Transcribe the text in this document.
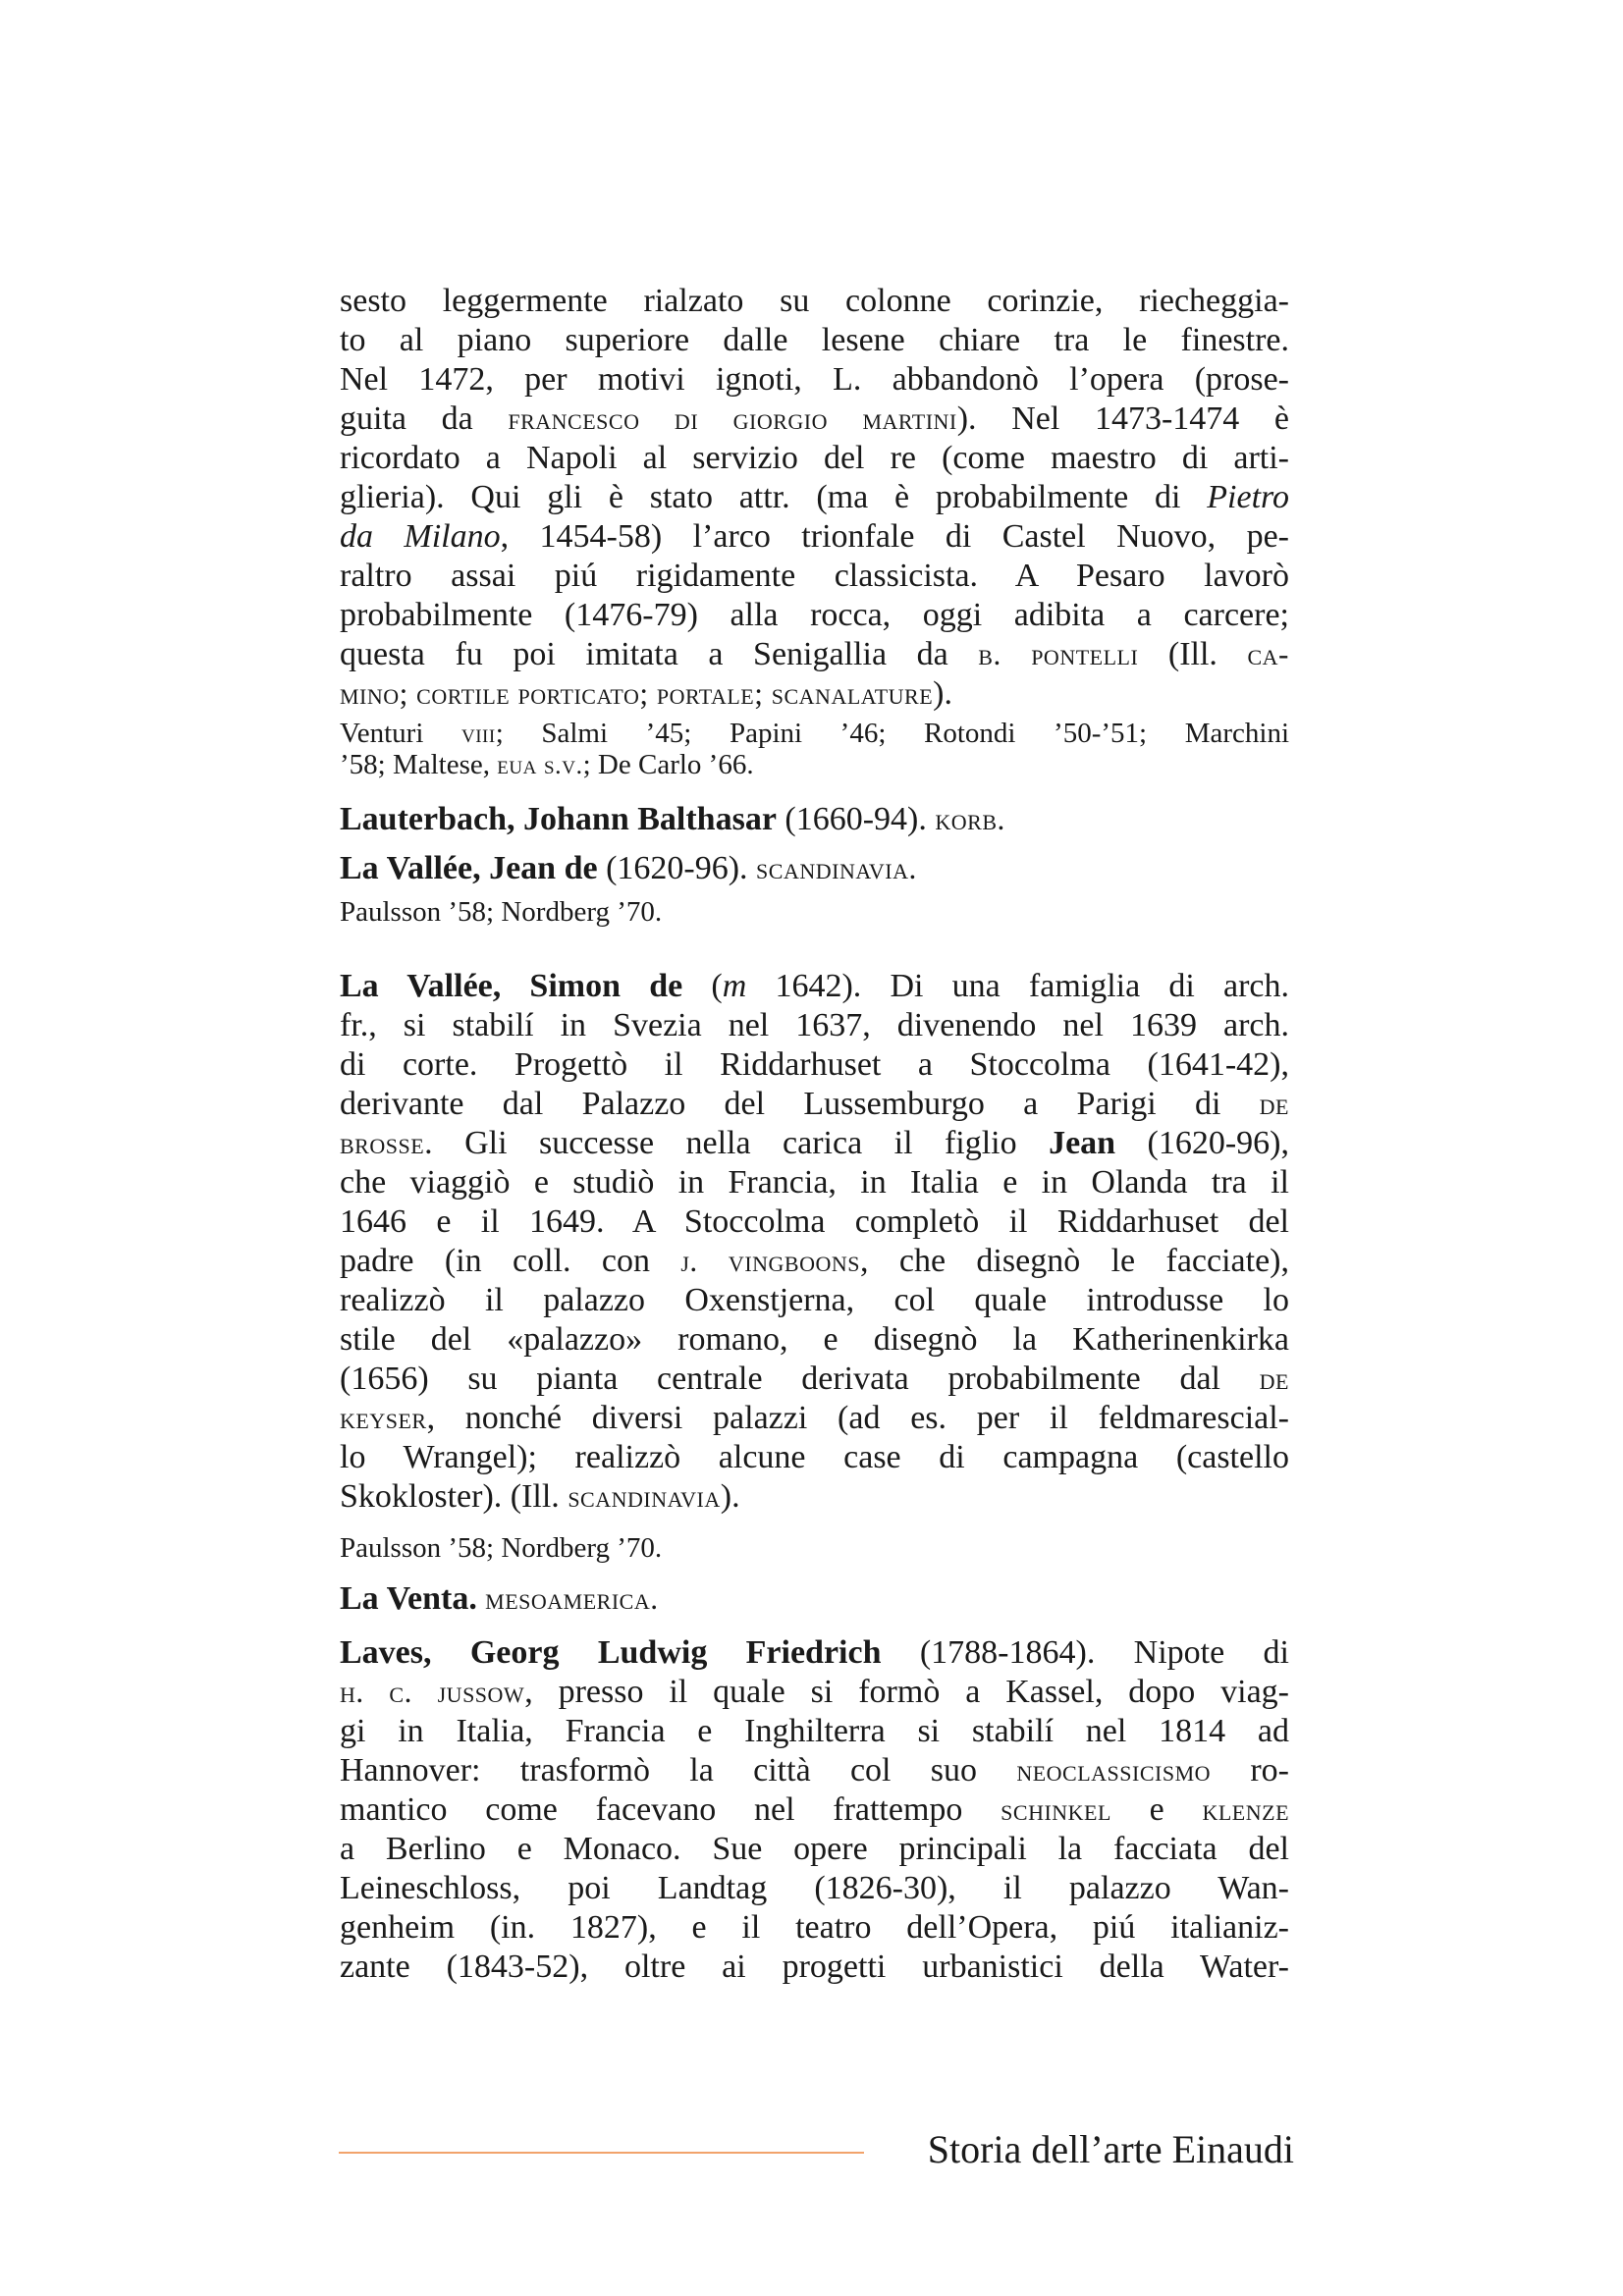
sesto leggermente rialzato su colonne corinzie, riecheggia-
to al piano superiore dalle lesene chiare tra le finestre.
Nel 1472, per motivi ignoti, L. abbandonò l’opera (prose-
guita da francesco di giorgio martini). Nel 1473-1474 è
ricordato a Napoli al servizio del re (come maestro di arti-
glieria). Qui gli è stato attr. (ma è probabilmente di Pietro
da Milano, 1454-58) l’arco trionfale di Castel Nuovo, pe-
raltro assai piú rigidamente classicista. A Pesaro lavorò
probabilmente (1476-79) alla rocca, oggi adibita a carcere;
questa fu poi imitata a Senigallia da b. pontelli (Ill. ca-
mino; cortile porticato; portale; scanalature).
Venturi viii; Salmi ’45; Papini ’46; Rotondi ’50-’51; Marchini
’58; Maltese, eua s.v.; De Carlo ’66.
Lauterbach, Johann Balthasar (1660-94). korb.
La Vallée, Jean de (1620-96). scandinavia.
Paulsson ’58; Nordberg ’70.
La Vallée, Simon de (m 1642). Di una famiglia di arch.
fr., si stabilí in Svezia nel 1637, divenendo nel 1639 arch.
di corte. Progettò il Riddarhuset a Stoccolma (1641-42),
derivante dal Palazzo del Lussemburgo a Parigi di de
brosse. Gli successe nella carica il figlio Jean (1620-96),
che viaggiò e studiò in Francia, in Italia e in Olanda tra il
1646 e il 1649. A Stoccolma completò il Riddarhuset del
padre (in coll. con j. vingboons, che disegnò le facciate),
realizzò il palazzo Oxenstjerna, col quale introdusse lo
stile del «palazzo» romano, e disegnò la Katherinenkirka
(1656) su pianta centrale derivata probabilmente dal de
keyser, nonché diversi palazzi (ad es. per il feldmarescial-
lo Wrangel); realizzò alcune case di campagna (castello
Skokloster). (Ill. scandinavia).
Paulsson ’58; Nordberg ’70.
La Venta. mesoamerica.
Laves, Georg Ludwig Friedrich (1788-1864). Nipote di
h. c. jussow, presso il quale si formò a Kassel, dopo viag-
gi in Italia, Francia e Inghilterra si stabilí nel 1814 ad
Hannover: trasformò la città col suo neoclassicismo ro-
mantico come facevano nel frattempo schinkel e klenze
a Berlino e Monaco. Sue opere principali la facciata del
Leineschloss, poi Landtag (1826-30), il palazzo Wan-
genheim (in. 1827), e il teatro dell’Opera, piú italianiz-
zante (1843-52), oltre ai progetti urbanistici della Water-
Storia dell’arte Einaudi
